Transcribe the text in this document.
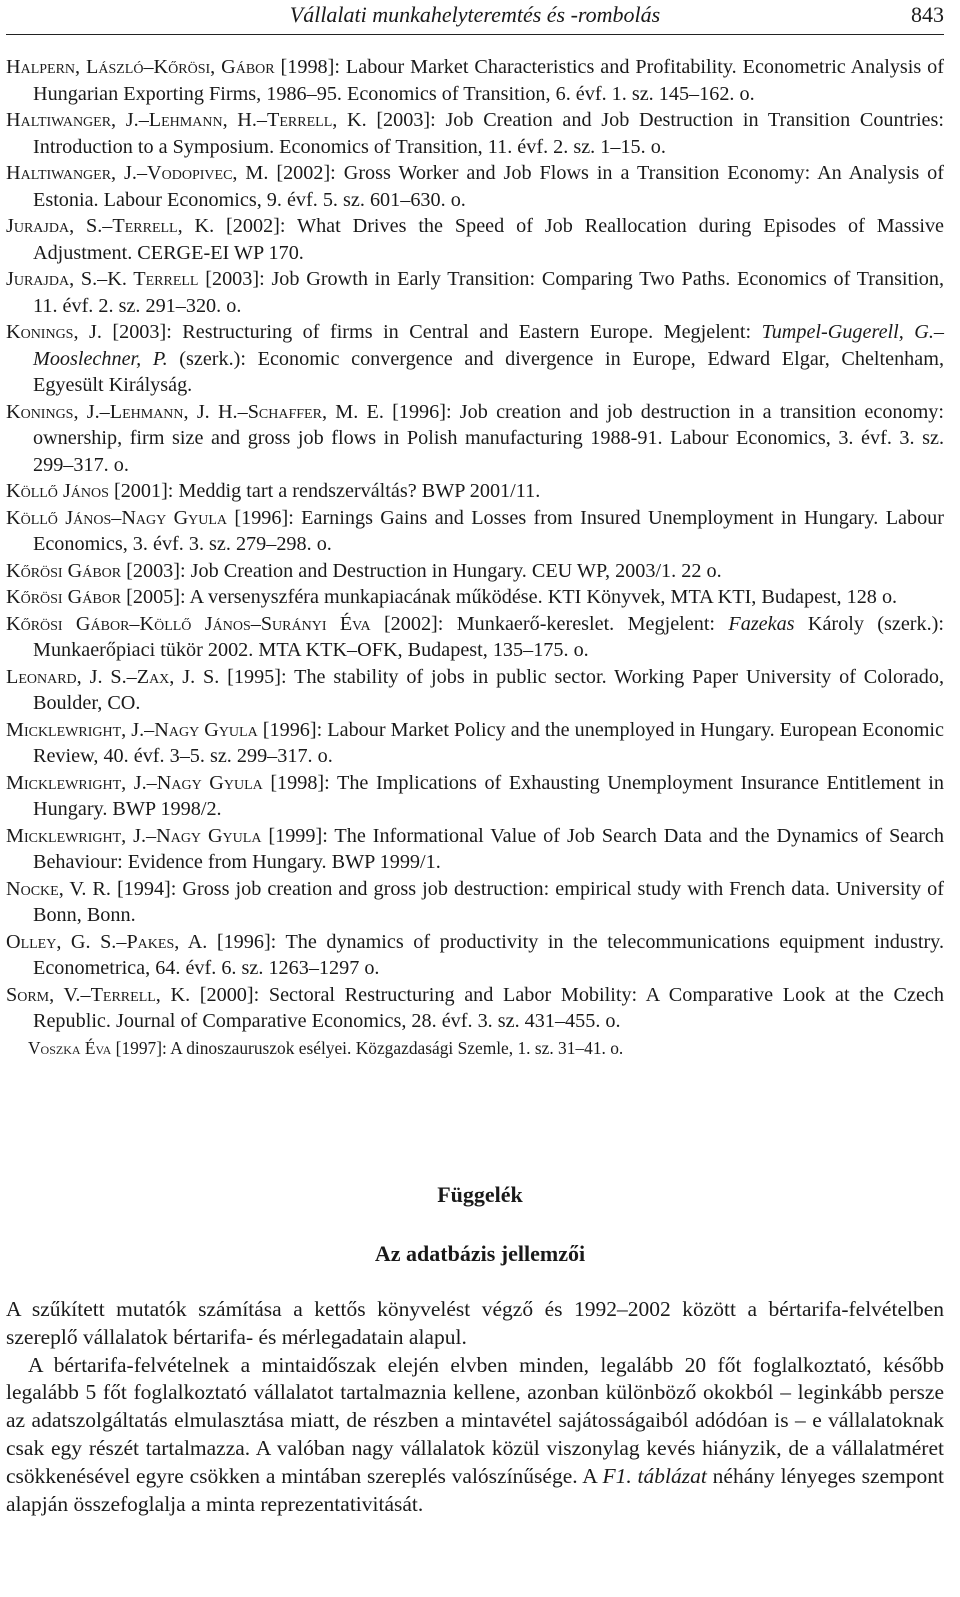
Vállalati munkahelyteremtés és -rombolás	843
Halpern, László–Kőrösi, Gábor [1998]: Labour Market Characteristics and Profitability. Econometric Analysis of Hungarian Exporting Firms, 1986–95. Economics of Transition, 6. évf. 1. sz. 145–162. o.
Haltiwanger, J.–Lehmann, H.–Terrell, K. [2003]: Job Creation and Job Destruction in Transition Countries: Introduction to a Symposium. Economics of Transition, 11. évf. 2. sz. 1–15. o.
Haltiwanger, J.–Vodopivec, M. [2002]: Gross Worker and Job Flows in a Transition Economy: An Analysis of Estonia. Labour Economics, 9. évf. 5. sz. 601–630. o.
Jurajda, S.–Terrell, K. [2002]: What Drives the Speed of Job Reallocation during Episodes of Massive Adjustment. CERGE-EI WP 170.
Jurajda, S.–K. Terrell [2003]: Job Growth in Early Transition: Comparing Two Paths. Economics of Transition, 11. évf. 2. sz. 291–320. o.
Konings, J. [2003]: Restructuring of firms in Central and Eastern Europe. Megjelent: Tumpel-Gugerell, G.–Mooslechner, P. (szerk.): Economic convergence and divergence in Europe, Edward Elgar, Cheltenham, Egyesült Királyság.
Konings, J.–Lehmann, J. H.–Schaffer, M. E. [1996]: Job creation and job destruction in a transition economy: ownership, firm size and gross job flows in Polish manufacturing 1988-91. Labour Economics, 3. évf. 3. sz. 299–317. o.
Köllő János [2001]: Meddig tart a rendszerváltás? BWP 2001/11.
Köllő János–Nagy Gyula [1996]: Earnings Gains and Losses from Insured Unemployment in Hungary. Labour Economics, 3. évf. 3. sz. 279–298. o.
Kőrösi Gábor [2003]: Job Creation and Destruction in Hungary. CEU WP, 2003/1. 22 o.
Kőrösi Gábor [2005]: A versenyszféra munkapiacának működése. KTI Könyvek, MTA KTI, Budapest, 128 o.
Kőrösi Gábor–Köllő János–Surányi Éva [2002]: Munkaerő-kereslet. Megjelent: Fazekas Károly (szerk.): Munkaerőpiaci tükör 2002. MTA KTK–OFK, Budapest, 135–175. o.
Leonard, J. S.–Zax, J. S. [1995]: The stability of jobs in public sector. Working Paper University of Colorado, Boulder, CO.
Micklewright, J.–Nagy Gyula [1996]: Labour Market Policy and the unemployed in Hungary. European Economic Review, 40. évf. 3–5. sz. 299–317. o.
Micklewright, J.–Nagy Gyula [1998]: The Implications of Exhausting Unemployment Insurance Entitlement in Hungary. BWP 1998/2.
Micklewright, J.–Nagy Gyula [1999]: The Informational Value of Job Search Data and the Dynamics of Search Behaviour: Evidence from Hungary. BWP 1999/1.
Nocke, V. R. [1994]: Gross job creation and gross job destruction: empirical study with French data. University of Bonn, Bonn.
Olley, G. S.–Pakes, A. [1996]: The dynamics of productivity in the telecommunications equipment industry. Econometrica, 64. évf. 6. sz. 1263–1297 o.
Sorm, V.–Terrell, K. [2000]: Sectoral Restructuring and Labor Mobility: A Comparative Look at the Czech Republic. Journal of Comparative Economics, 28. évf. 3. sz. 431–455. o.
Voszka Éva [1997]: A dinoszauruszok esélyei. Közgazdasági Szemle, 1. sz. 31–41. o.
Függelék
Az adatbázis jellemzői

A szűkített mutatók számítása a kettős könyvelést végző és 1992–2002 között a bértarifa-felvételben szereplő vállalatok bértarifa- és mérlegadatain alapul.

A bértarifa-felvételnek a mintaidőszak elején elvben minden, legalább 20 főt foglalkoztató, később legalább 5 főt foglalkoztató vállalatot tartalmaznia kellene, azonban különböző okokból – leginkább persze az adatszolgáltatás elmulasztása miatt, de részben a mintavétel sajátosságaiból adódóan is – e vállalatoknak csak egy részét tartalmazza. A valóban nagy vállalatok közül viszonylag kevés hiányzik, de a vállalatméret csökkenésével egyre csökken a mintában szereplés valószínűsége. A F1. táblázat néhány lényeges szempont alapján összefoglalja a minta reprezentativitását.
